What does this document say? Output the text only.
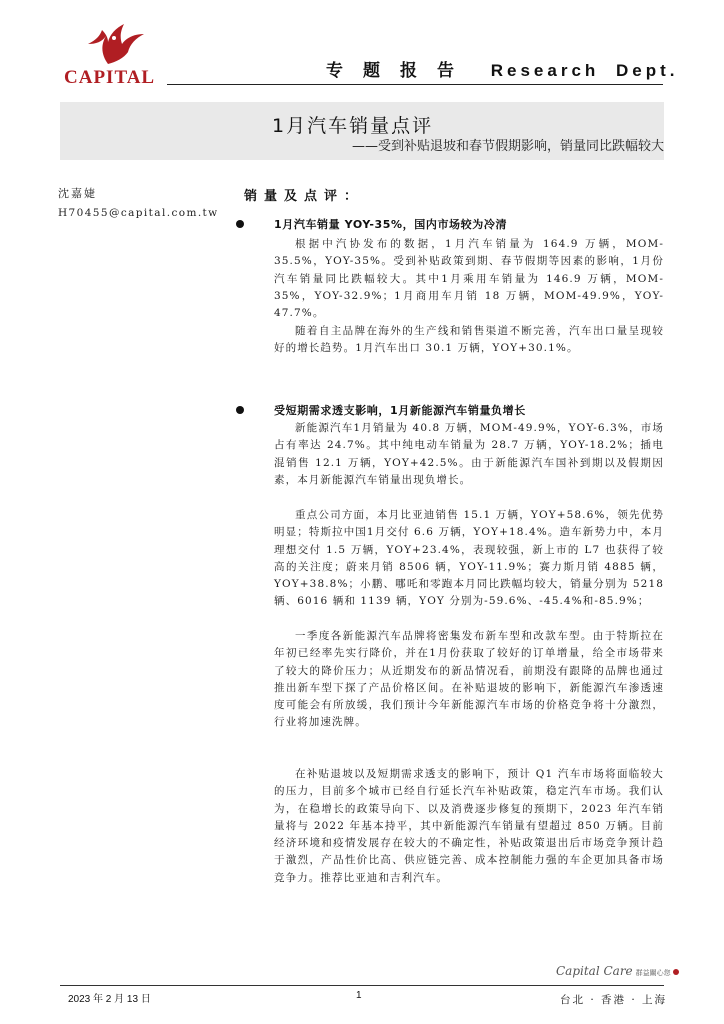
CAPITAL	专题报告 Research Dept.
1月汽车销量点评
——受到补贴退坡和春节假期影响，销量同比跌幅较大
沈嘉婕
H70455@capital.com.tw
销量及点评：
1月汽车销量 YOY-35%，国内市场较为冷清

根据中汽协发布的数据，1月汽车销量为 164.9 万辆，MOM-35.5%，YOY-35%。受到补贴政策到期、春节假期等因素的影响，1月份汽车销量同比跌幅较大。其中1月乘用车销量为 146.9 万辆，MOM-35%，YOY-32.9%；1月商用车月销 18 万辆，MOM-49.9%，YOY-47.7%。

随着自主品牌在海外的生产线和销售渠道不断完善，汽车出口量呈现较好的增长趋势。1月汽车出口 30.1 万辆，YOY+30.1%。

受短期需求透支影响，1月新能源汽车销量负增长

新能源汽车1月销量为 40.8 万辆，MOM-49.9%，YOY-6.3%，市场占有率达 24.7%。其中纯电动车销量为 28.7 万辆，YOY-18.2%；插电混销售 12.1 万辆，YOY+42.5%。由于新能源汽车国补到期以及假期因素，本月新能源汽车销量出现负增长。

重点公司方面，本月比亚迪销售 15.1 万辆，YOY+58.6%，领先优势明显；特斯拉中国1月交付 6.6 万辆，YOY+18.4%。造车新势力中，本月理想交付 1.5 万辆，YOY+23.4%，表现较强，新上市的 L7 也获得了较高的关注度；蔚来月销 8506 辆，YOY-11.9%；赛力斯月销 4885 辆，YOY+38.8%；小鹏、哪吒和零跑本月同比跌幅均较大，销量分别为 5218 辆、6016 辆和 1139 辆，YOY 分别为-59.6%、-45.4%和-85.9%；

一季度各新能源汽车品牌将密集发布新车型和改款车型。由于特斯拉在年初已经率先实行降价，并在1月份获取了较好的订单增量，给全市场带来了较大的降价压力；从近期发布的新品情况看，前期没有跟降的品牌也通过推出新车型下探了产品价格区间。在补贴退坡的影响下，新能源汽车渗透速度可能会有所放缓，我们预计今年新能源汽车市场的价格竞争将十分激烈，行业将加速洗牌。

在补贴退坡以及短期需求透支的影响下，预计 Q1 汽车市场将面临较大的压力，目前多个城市已经自行延长汽车补贴政策，稳定汽车市场。我们认为，在稳增长的政策导向下、以及消费逐步修复的预期下，2023 年汽车销量将与 2022 年基本持平，其中新能源汽车销量有望超过 850 万辆。目前经济环境和疫情发展存在较大的不确定性，补贴政策退出后市场竞争预计趋于激烈，产品性价比高、供应链完善、成本控制能力强的车企更加具备市场竞争力。推荐比亚迪和吉利汽车。

Capital Care 群益關心您
2023 年 2 月 13 日	1	台北 · 香港 · 上海
